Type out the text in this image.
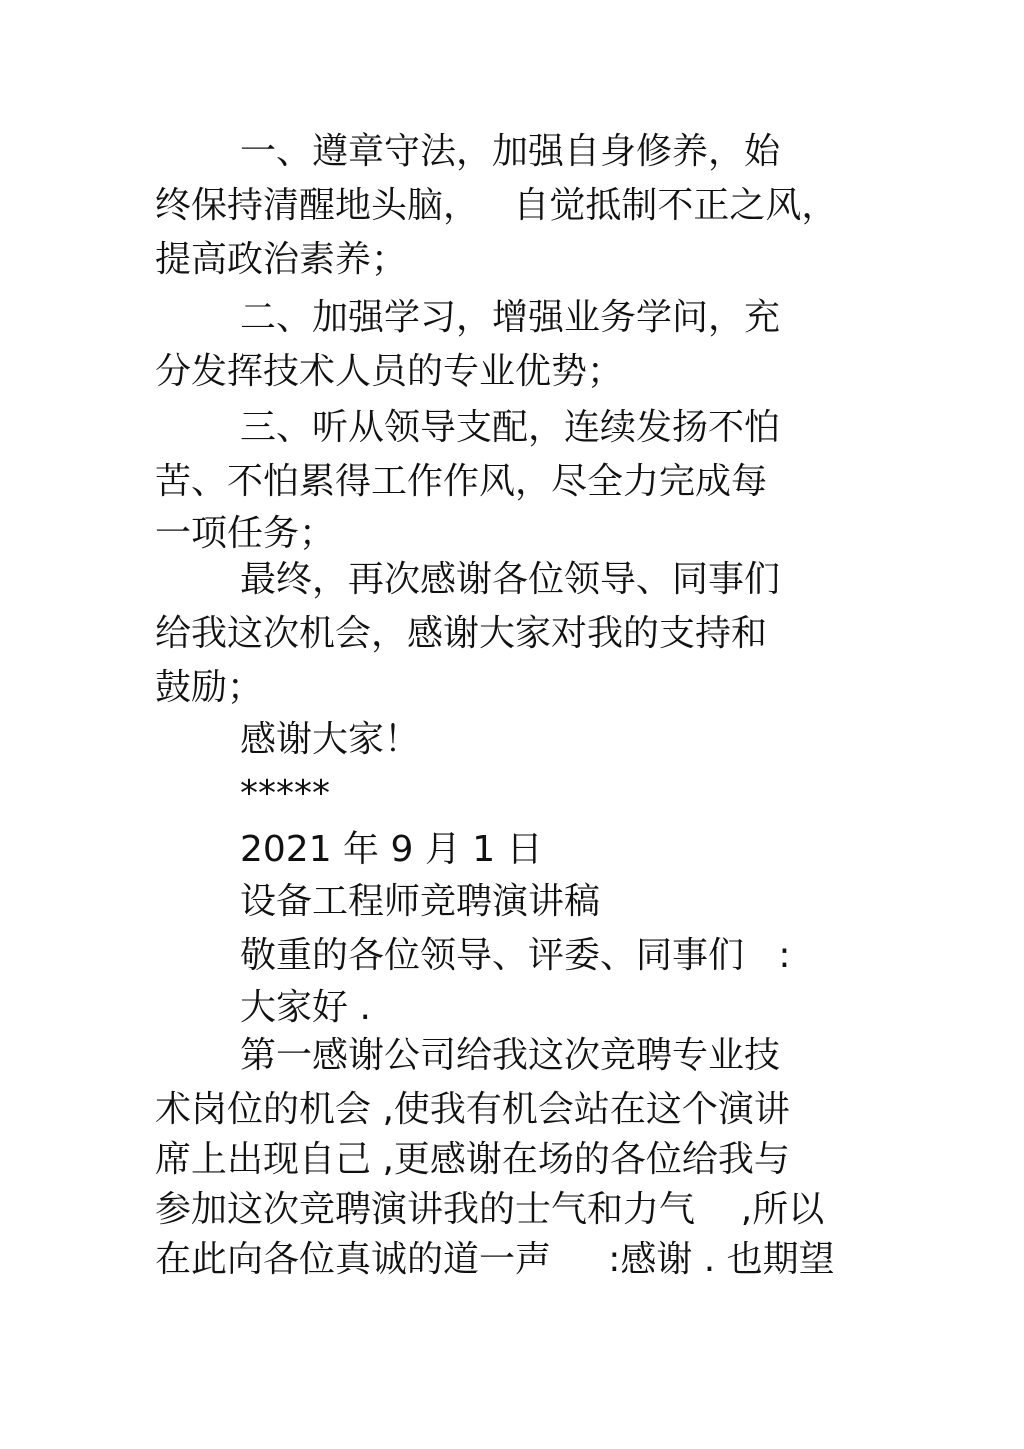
一、遵章守法，加强自身修养，始
终保持清醒地头脑，   自觉抵制不正之风，
提高政治素养；
二、加强学习，增强业务学问，充
分发挥技术人员的专业优势；
三、听从领导支配，连续发扬不怕
苦、不怕累得工作作风，尽全力完成每
一项任务；
最终，再次感谢各位领导、同事们
给我这次机会，感谢大家对我的支持和
鼓励；
感谢大家！
*****
2021 年 9 月 1 日
设备工程师竞聘演讲稿
敬重的各位领导、评委、同事们   :
大家好 .
第一感谢公司给我这次竞聘专业技
术岗位的机会 ,使我有机会站在这个演讲
席上出现自己 ,更感谢在场的各位给我与
参加这次竞聘演讲我的士气和力气    ,所以
在此向各位真诚的道一声     :感谢 . 也期望
